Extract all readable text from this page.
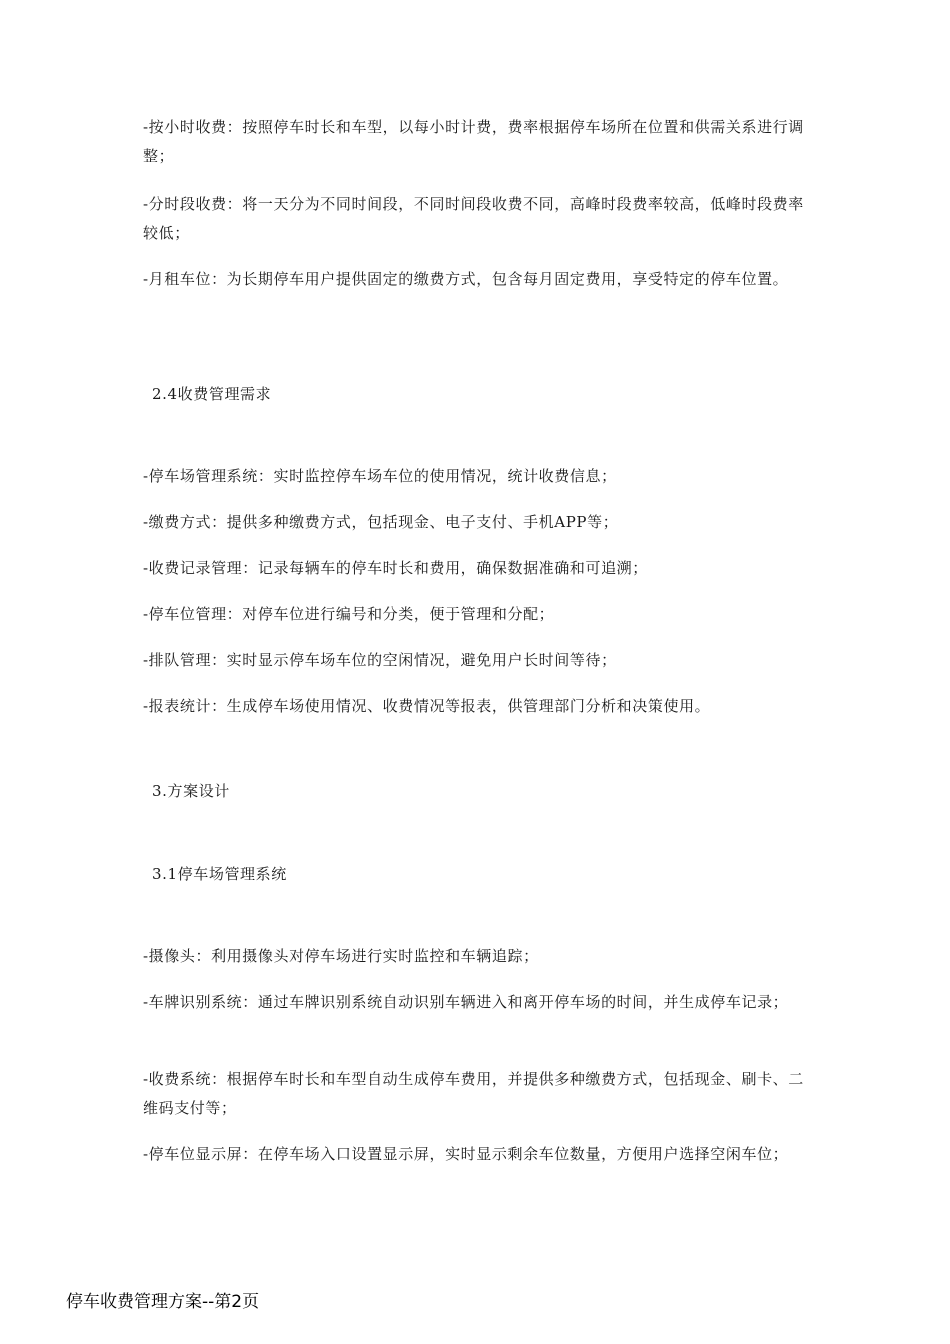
-按小时收费：按照停车时长和车型，以每小时计费，费率根据停车场所在位置和供需关系进行调整；

-分时段收费：将一天分为不同时间段，不同时间段收费不同，高峰时段费率较高，低峰时段费率较低；

-月租车位：为长期停车用户提供固定的缴费方式，包含每月固定费用，享受特定的停车位置。

2.4收费管理需求

-停车场管理系统：实时监控停车场车位的使用情况，统计收费信息；

-缴费方式：提供多种缴费方式，包括现金、电子支付、手机APP等；

-收费记录管理：记录每辆车的停车时长和费用，确保数据准确和可追溯；

-停车位管理：对停车位进行编号和分类，便于管理和分配；

-排队管理：实时显示停车场车位的空闲情况，避免用户长时间等待；

-报表统计：生成停车场使用情况、收费情况等报表，供管理部门分析和决策使用。

3.方案设计

3.1停车场管理系统

-摄像头：利用摄像头对停车场进行实时监控和车辆追踪；

-车牌识别系统：通过车牌识别系统自动识别车辆进入和离开停车场的时间，并生成停车记录；

-收费系统：根据停车时长和车型自动生成停车费用，并提供多种缴费方式，包括现金、刷卡、二维码支付等；

-停车位显示屏：在停车场入口设置显示屏，实时显示剩余车位数量，方便用户选择空闲车位；

停车收费管理方案--第2页
